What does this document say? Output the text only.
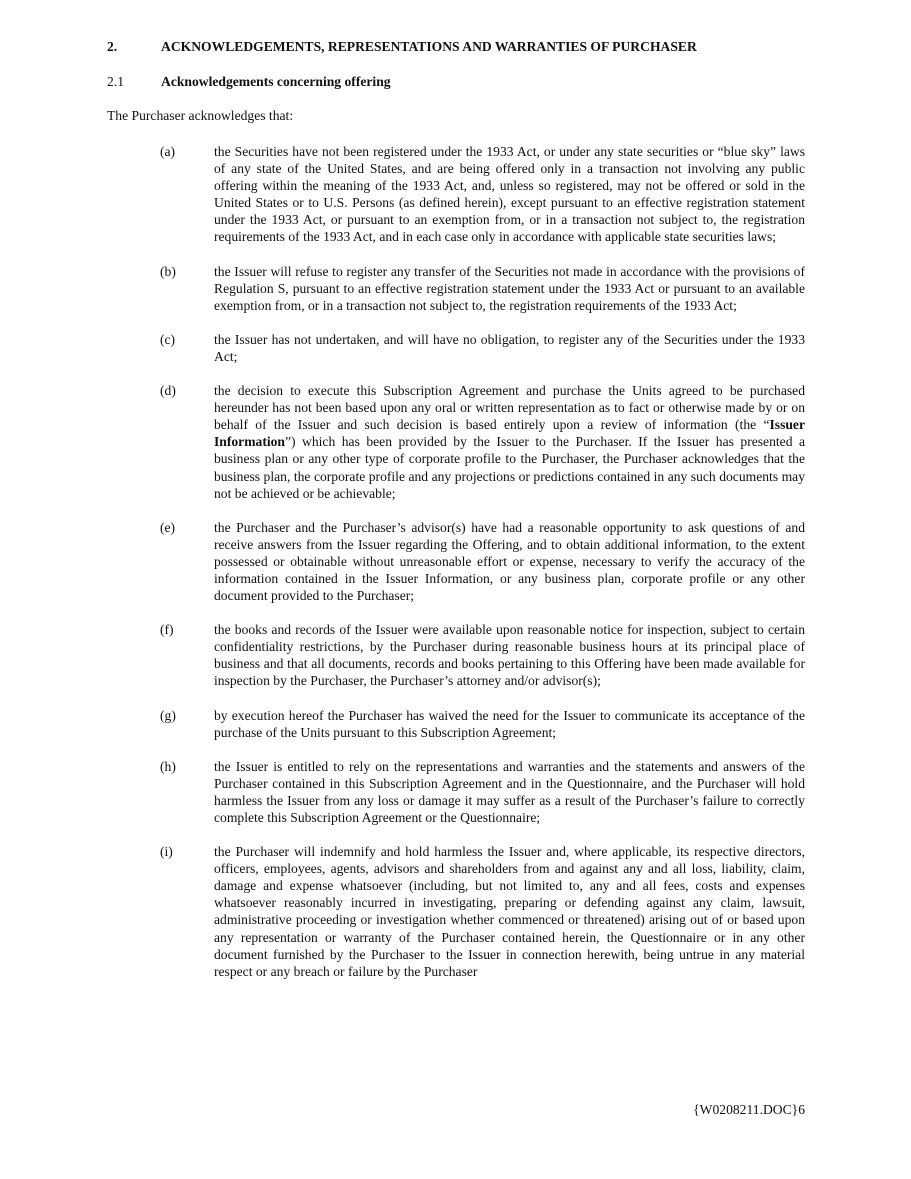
2.	ACKNOWLEDGEMENTS, REPRESENTATIONS AND WARRANTIES OF PURCHASER
2.1	Acknowledgements concerning offering
The Purchaser acknowledges that:
(a)	the Securities have not been registered under the 1933 Act, or under any state securities or “blue sky” laws of any state of the United States, and are being offered only in a transaction not involving any public offering within the meaning of the 1933 Act, and, unless so registered, may not be offered or sold in the United States or to U.S. Persons (as defined herein), except pursuant to an effective registration statement under the 1933 Act, or pursuant to an exemption from, or in a transaction not subject to, the registration requirements of the 1933 Act, and in each case only in accordance with applicable state securities laws;
(b)	the Issuer will refuse to register any transfer of the Securities not made in accordance with the provisions of Regulation S, pursuant to an effective registration statement under the 1933 Act or pursuant to an available exemption from, or in a transaction not subject to, the registration requirements of the 1933 Act;
(c)	the Issuer has not undertaken, and will have no obligation, to register any of the Securities under the 1933 Act;
(d)	the decision to execute this Subscription Agreement and purchase the Units agreed to be purchased hereunder has not been based upon any oral or written representation as to fact or otherwise made by or on behalf of the Issuer and such decision is based entirely upon a review of information (the “Issuer Information”) which has been provided by the Issuer to the Purchaser. If the Issuer has presented a business plan or any other type of corporate profile to the Purchaser, the Purchaser acknowledges that the business plan, the corporate profile and any projections or predictions contained in any such documents may not be achieved or be achievable;
(e)	the Purchaser and the Purchaser’s advisor(s) have had a reasonable opportunity to ask questions of and receive answers from the Issuer regarding the Offering, and to obtain additional information, to the extent possessed or obtainable without unreasonable effort or expense, necessary to verify the accuracy of the information contained in the Issuer Information, or any business plan, corporate profile or any other document provided to the Purchaser;
(f)	the books and records of the Issuer were available upon reasonable notice for inspection, subject to certain confidentiality restrictions, by the Purchaser during reasonable business hours at its principal place of business and that all documents, records and books pertaining to this Offering have been made available for inspection by the Purchaser, the Purchaser’s attorney and/or advisor(s);
(g)	by execution hereof the Purchaser has waived the need for the Issuer to communicate its acceptance of the purchase of the Units pursuant to this Subscription Agreement;
(h)	the Issuer is entitled to rely on the representations and warranties and the statements and answers of the Purchaser contained in this Subscription Agreement and in the Questionnaire, and the Purchaser will hold harmless the Issuer from any loss or damage it may suffer as a result of the Purchaser’s failure to correctly complete this Subscription Agreement or the Questionnaire;
(i)	the Purchaser will indemnify and hold harmless the Issuer and, where applicable, its respective directors, officers, employees, agents, advisors and shareholders from and against any and all loss, liability, claim, damage and expense whatsoever (including, but not limited to, any and all fees, costs and expenses whatsoever reasonably incurred in investigating, preparing or defending against any claim, lawsuit, administrative proceeding or investigation whether commenced or threatened) arising out of or based upon any representation or warranty of the Purchaser contained herein, the Questionnaire or in any other document furnished by the Purchaser to the Issuer in connection herewith, being untrue in any material respect or any breach or failure by the Purchaser
{W0208211.DOC}6
